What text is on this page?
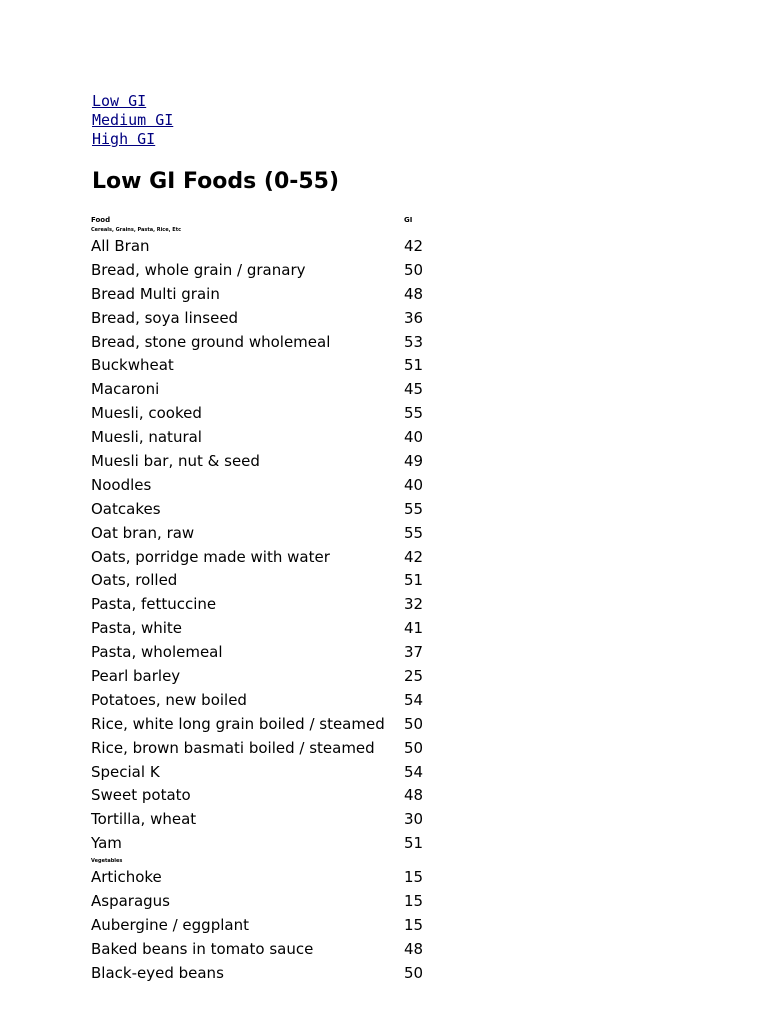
Low GI
Medium GI
High GI
Low GI Foods (0-55)
Food	GI
Cereals, Grains, Pasta, Rice, Etc
All Bran	42
Bread, whole grain / granary	50
Bread Multi grain	48
Bread, soya linseed	36
Bread, stone ground wholemeal	53
Buckwheat	51
Macaroni	45
Muesli, cooked	55
Muesli, natural	40
Muesli bar, nut & seed	49
Noodles	40
Oatcakes	55
Oat bran, raw	55
Oats, porridge made with water	42
Oats, rolled	51
Pasta, fettuccine	32
Pasta, white	41
Pasta, wholemeal	37
Pearl barley	25
Potatoes, new boiled	54
Rice, white long grain boiled / steamed	50
Rice, brown basmati boiled / steamed	50
Special K	54
Sweet potato	48
Tortilla, wheat	30
Yam	51
Vegetables
Artichoke	15
Asparagus	15
Aubergine / eggplant	15
Baked beans in tomato sauce	48
Black-eyed beans	50
